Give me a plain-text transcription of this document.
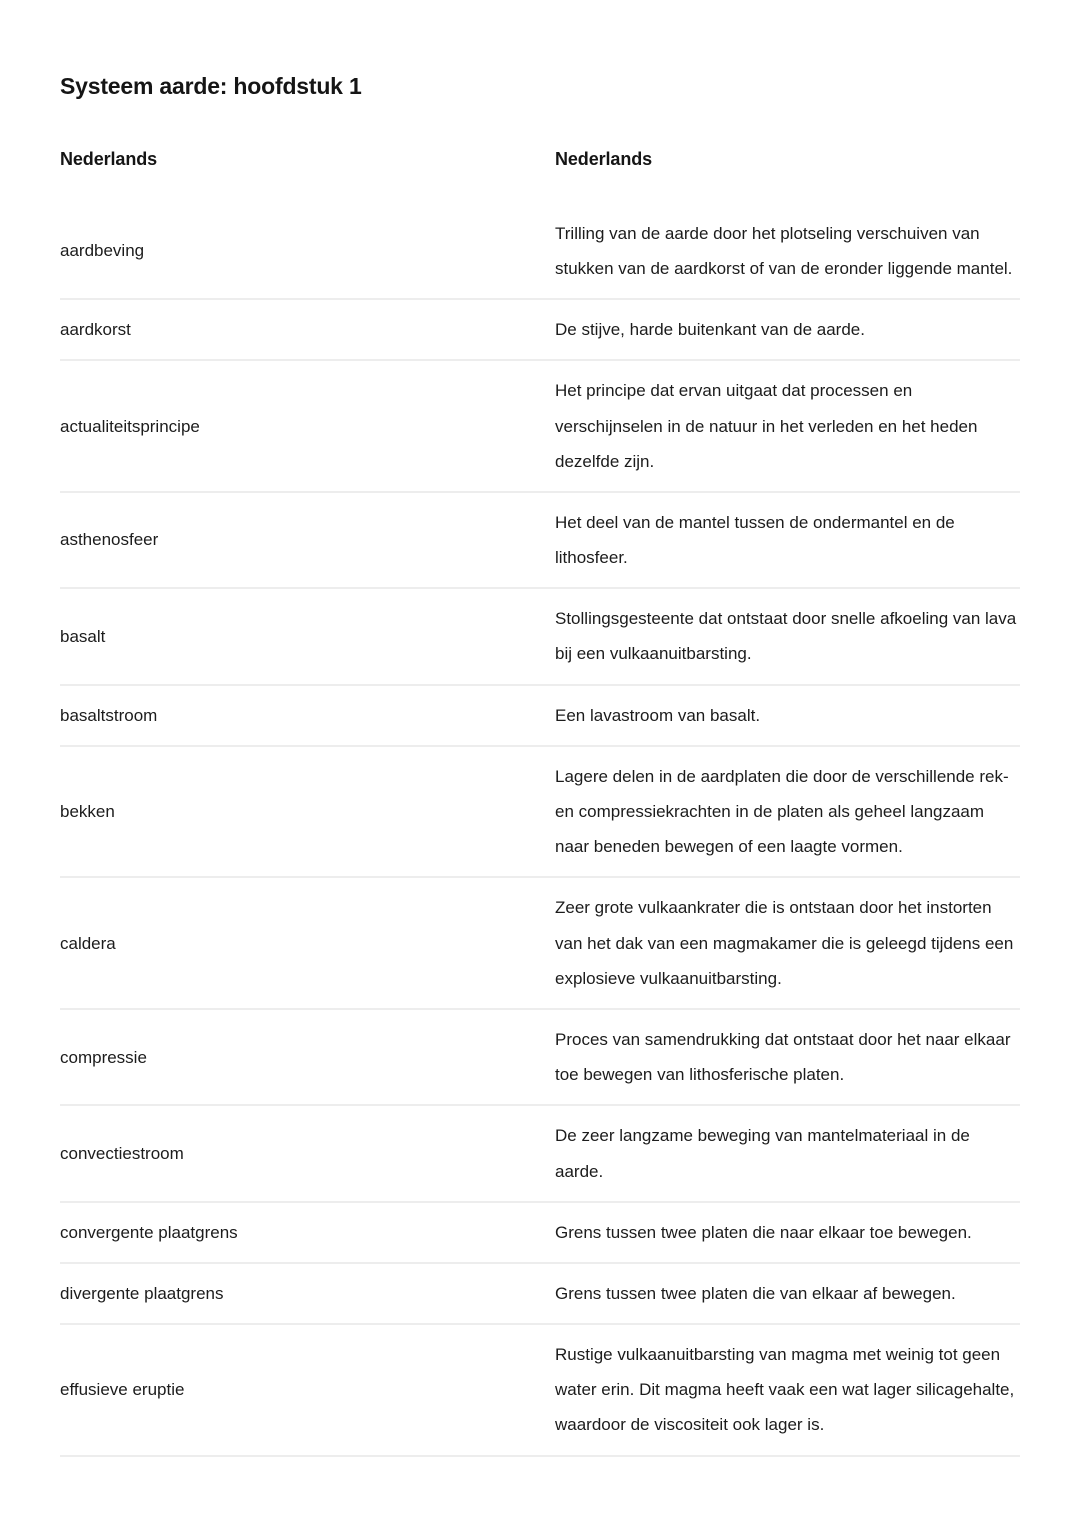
Systeem aarde: hoofdstuk 1
Nederlands	Nederlands
aardbeving	Trilling van de aarde door het plotseling verschuiven van stukken van de aardkorst of van de eronder liggende mantel.

aardkorst	De stijve, harde buitenkant van de aarde.

actualiteitsprincipe	Het principe dat ervan uitgaat dat processen en verschijnselen in de natuur in het verleden en het heden dezelfde zijn.

asthenosfeer	Het deel van de mantel tussen de ondermantel en de lithosfeer.

basalt	Stollingsgesteente dat ontstaat door snelle afkoeling van lava bij een vulkaanuitbarsting.

basaltstroom	Een lavastroom van basalt.

bekken	Lagere delen in de aardplaten die door de verschillende rek- en compressiekrachten in de platen als geheel langzaam naar beneden bewegen of een laagte vormen.

caldera	Zeer grote vulkaankrater die is ontstaan door het instorten van het dak van een magmakamer die is geleegd tijdens een explosieve vulkaanuitbarsting.

compressie	Proces van samendrukking dat ontstaat door het naar elkaar toe bewegen van lithosferische platen.

convectiestroom	De zeer langzame beweging van mantelmateriaal in de aarde.

convergente plaatgrens	Grens tussen twee platen die naar elkaar toe bewegen.

divergente plaatgrens	Grens tussen twee platen die van elkaar af bewegen.

effusieve eruptie	Rustige vulkaanuitbarsting van magma met weinig tot geen water erin. Dit magma heeft vaak een wat lager silicagehalte, waardoor de viscositeit ook lager is.
